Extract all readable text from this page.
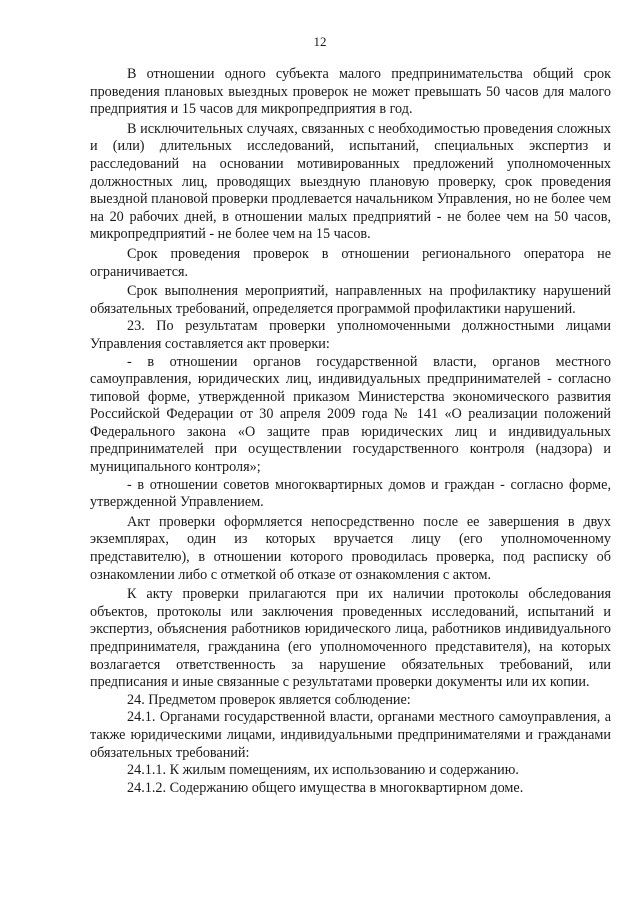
12

В отношении одного субъекта малого предпринимательства общий срок проведения плановых выездных проверок не может превышать 50 часов для малого предприятия и 15 часов для микропредприятия в год.

В исключительных случаях, связанных с необходимостью проведения сложных и (или) длительных исследований, испытаний, специальных экспертиз и расследований на основании мотивированных предложений уполномоченных должностных лиц, проводящих выездную плановую проверку, срок проведения выездной плановой проверки продлевается начальником Управления, но не более чем на 20 рабочих дней, в отношении малых предприятий - не более чем на 50 часов, микропредприятий - не более чем на 15 часов.

Срок проведения проверок в отношении регионального оператора не ограничивается.

Срок выполнения мероприятий, направленных на профилактику нарушений обязательных требований, определяется программой профилактики нарушений.

23. По результатам проверки уполномоченными должностными лицами Управления составляется акт проверки:

- в отношении органов государственной власти, органов местного самоуправления, юридических лиц, индивидуальных предпринимателей - согласно типовой форме, утвержденной приказом Министерства экономического развития Российской Федерации от 30 апреля 2009 года № 141 «О реализации положений Федерального закона «О защите прав юридических лиц и индивидуальных предпринимателей при осуществлении государственного контроля (надзора) и муниципального контроля»;

- в отношении советов многоквартирных домов и граждан - согласно форме, утвержденной Управлением.

Акт проверки оформляется непосредственно после ее завершения в двух экземплярах, один из которых вручается лицу (его уполномоченному представителю), в отношении которого проводилась проверка, под расписку об ознакомлении либо с отметкой об отказе от ознакомления с актом.

К акту проверки прилагаются при их наличии протоколы обследования объектов, протоколы или заключения проведенных исследований, испытаний и экспертиз, объяснения работников юридического лица, работников индивидуального предпринимателя, гражданина (его уполномоченного представителя), на которых возлагается ответственность за нарушение обязательных требований, или предписания и иные связанные с результатами проверки документы или их копии.

24. Предметом проверок является соблюдение:

24.1. Органами государственной власти, органами местного самоуправления, а также юридическими лицами, индивидуальными предпринимателями и гражданами обязательных требований:

24.1.1. К жилым помещениям, их использованию и содержанию.

24.1.2. Содержанию общего имущества в многоквартирном доме.
